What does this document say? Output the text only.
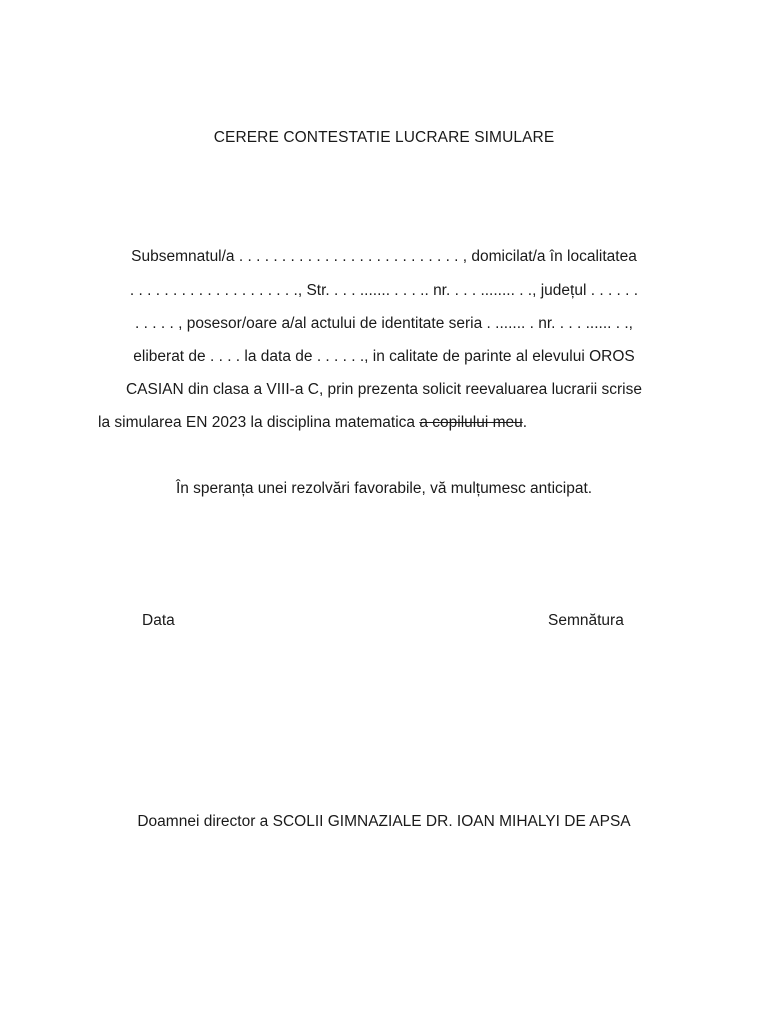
CERERE CONTESTATIE LUCRARE SIMULARE
Subsemnatul/a . . . . . . . . . . . . . . . . . . . . . . . . . . , domicilat/a în localitatea
. . . . . . . . . . . . . . . . . . . ., Str. . . . ....... . . . .. nr. . . . ........ . ., județul . . . . . .
. . . . . , posesor/oare a/al actului de identitate seria . ....... . nr. . . . ...... . .,
eliberat de . . . . la data de . . . . . ., in calitate de parinte al elevului OROS
CASIAN din clasa a VIII-a C, prin prezenta solicit reevaluarea lucrarii scrise
la simularea EN 2023 la disciplina matematica a copilului meu.
În speranța unei rezolvări favorabile, vă mulțumesc anticipat.
Data	Semnătura
Doamnei director a SCOLII GIMNAZIALE DR. IOAN MIHALYI DE APSA
